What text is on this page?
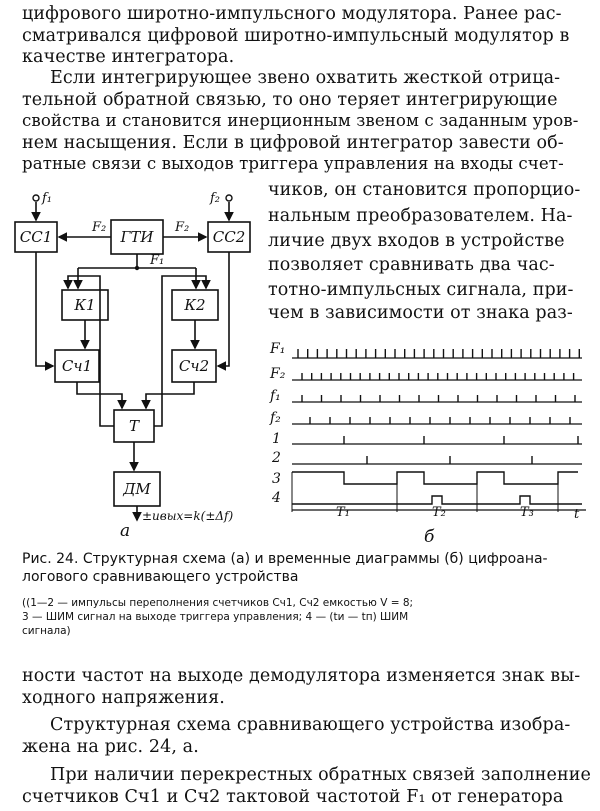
цифрового широтно-импульсного модулятора. Ранее рас-
сматривался цифровой широтно-импульсный модулятор в
качестве интегратора.
Если интегрирующее звено охватить жесткой отрица-
тельной обратной связью, то оно теряет интегрирующие
свойства и становится инерционным звеном с заданным уров-
нем насыщения. Если в цифровой интегратор завести об-
ратные связи с выходов триггера управления на входы счет-
чиков, он становится пропорцио-
нальным преобразователем. На-
личие двух входов в устройстве
позволяет сравнивать два час-
тотно-импульсных сигнала, при-
чем в зависимости от знака раз-
СС1	ГТИ	СС2
К1	К2
Сч1	Сч2
Т
ДМ
f₁	f₂
F₂	F₂
F₁
±uвых=k(±Δf)
а
F₁
F₂
f₁
f₂
1
2
3
4
T₁	T₂	T₃	t
б
Рис. 24. Структурная схема (а) и временные диаграммы (б) цифроана-
логового сравнивающего устройства
((1—2 — импульсы переполнения счетчиков Сч1, Сч2 емкостью V = 8;
3 — ШИМ сигнал на выходе триггера управления; 4 — (tи — tп) ШИМ
сигнала)
ности частот на выходе демодулятора изменяется знак вы-
ходного напряжения.
Структурная схема сравнивающего устройства изобра-
жена на рис. 24, а.
При наличии перекрестных обратных связей заполнение
счетчиков Сч1 и Сч2 тактовой частотой F₁ от генератора
